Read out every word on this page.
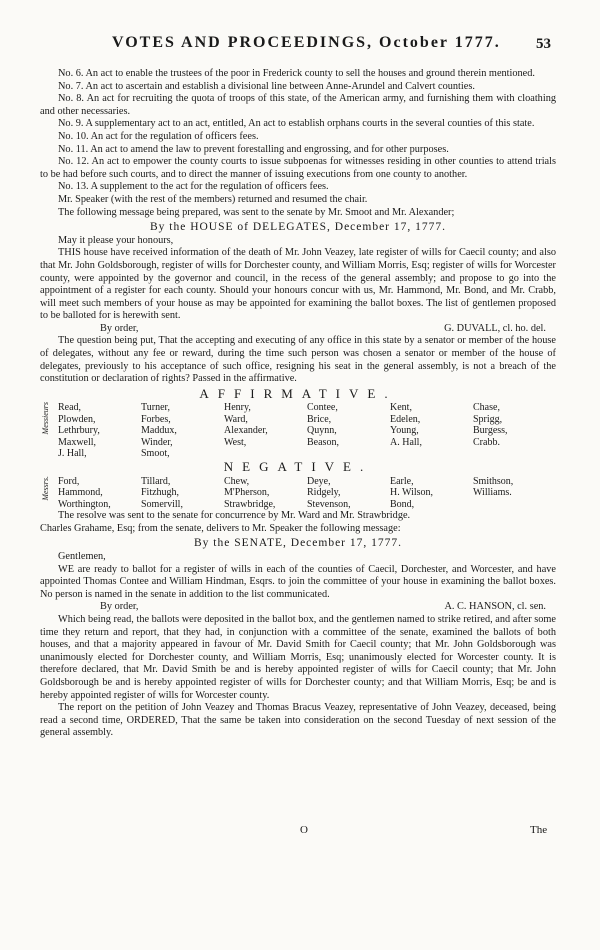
VOTES AND PROCEEDINGS, October 1777. 53

No. 6. An act to enable the trustees of the poor in Frederick county to sell the houses and ground therein mentioned.

No. 7. An act to ascertain and establish a divisional line between Anne-Arundel and Calvert counties.

No. 8. An act for recruiting the quota of troops of this state, of the American army, and furnishing them with cloathing and other necessaries.

No. 9. A supplementary act to an act, entitled, An act to establish orphans courts in the several counties of this state.

No. 10. An act for the regulation of officers fees.

No. 11. An act to amend the law to prevent forestalling and engrossing, and for other purposes.

No. 12. An act to empower the county courts to issue subpoenas for witnesses residing in other counties to attend trials to be had before such courts, and to direct the manner of issuing executions from one county to another.

No. 13. A supplement to the act for the regulation of officers fees.

Mr. Speaker (with the rest of the members) returned and resumed the chair.

The following message being prepared, was sent to the senate by Mr. Smoot and Mr. Alexander;

By the HOUSE of DELEGATES, December 17, 1777.

May it please your honours,

THIS house have received information of the death of Mr. John Veazey, late register of wills for Caecil county; and also that Mr. John Goldsborough, register of wills for Dorchester county, and William Morris, Esq; register of wills for Worcester county, were appointed by the governor and council, in the recess of the general assembly; and propose to go into the appointment of a register for each county. Should your honours concur with us, Mr. Hammond, Mr. Bond, and Mr. Crabb, will meet such members of your house as may be appointed for examining the ballot boxes. The list of gentlemen proposed to be balloted for is herewith sent.

By order,	G. DUVALL, cl. ho. del.

The question being put, That the accepting and executing of any office in this state by a senator or member of the house of delegates, without any fee or reward, during the time such person was chosen a senator or member of the house of delegates, previously to his acceptance of such office, resigning his seat in the general assembly, is not a breach of the constitution or declaration of rights? Passed in the affirmative.

AFFIRMATIVE.

Messieurs Read,	Turner,	Henry,	Contee,	Kent,	Chase,
Plowden,	Forbes,	Ward,	Brice,	Edelen,	Sprigg,
Lethrbury,	Maddux,	Alexander,	Quynn,	Young,	Burgess,
Maxwell,	Winder,	West,	Beason,	A. Hall,	Crabb.
J. Hall,	Smoot,

NEGATIVE.

Messrs. Ford,	Tillard,	Chew,	Deye,	Earle,	Smithson,
Hammond,	Fitzhugh,	M'Pherson,	Ridgely,	H. Wilson,	Williams.
Worthington,	Somervill,	Strawbridge,	Stevenson,	Bond,

The resolve was sent to the senate for concurrence by Mr. Ward and Mr. Strawbridge.

Charles Grahame, Esq; from the senate, delivers to Mr. Speaker the following message:

By the SENATE, December 17, 1777.

Gentlemen,

WE are ready to ballot for a register of wills in each of the counties of Caecil, Dorchester, and Worcester, and have appointed Thomas Contee and William Hindman, Esqrs. to join the committee of your house in examining the ballot boxes. No person is named in the senate in addition to the list communicated.

By order,	A. C. HANSON, cl. sen.

Which being read, the ballots were deposited in the ballot box, and the gentlemen named to strike retired, and after some time they return and report, that they had, in conjunction with a committee of the senate, examined the ballots of both houses, and that a majority appeared in favour of Mr. David Smith for Caecil county; that Mr. John Goldsborough was unanimously elected for Dorchester county, and William Morris, Esq; unanimously elected for Worcester county. It is therefore declared, that Mr. David Smith be and is hereby appointed register of wills for Caecil county; that Mr. John Goldsborough be and is hereby appointed register of wills for Dorchester county; and that William Morris, Esq; be and is hereby appointed register of wills for Worcester county.

The report on the petition of John Veazey and Thomas Bracus Veazey, representative of John Veazey, deceased, being read a second time, ORDERED, That the same be taken into consideration on the second Tuesday of next session of the general assembly.

O	The
